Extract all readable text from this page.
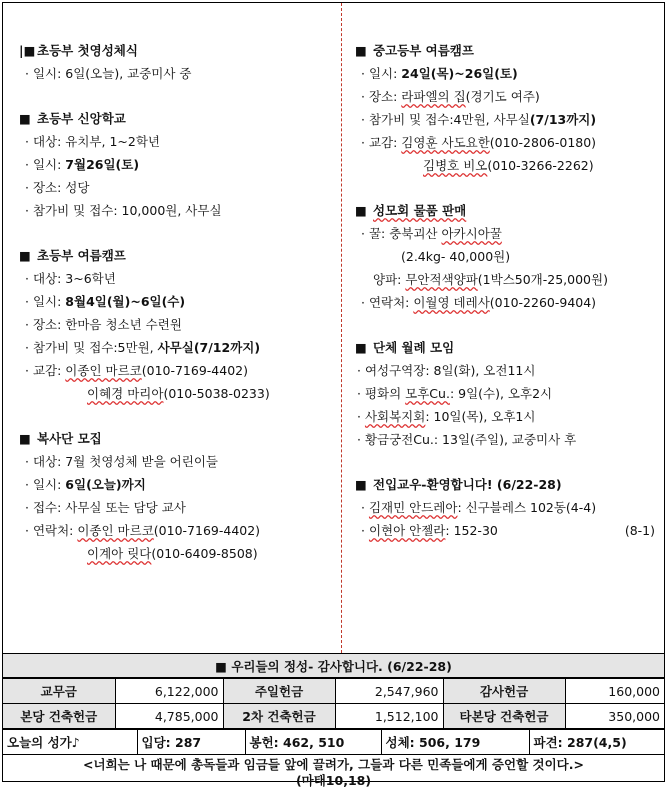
|■ 초등부 첫영성체식
· 일시: 6일(오늘), 교중미사 중
■ 초등부 신앙학교
· 대상: 유치부, 1~2학년
· 일시: 7월26일(토)
· 장소: 성당
· 참가비 및 접수: 10,000원, 사무실
■ 초등부 여름캠프
· 대상: 3~6학년
· 일시: 8월4일(월)~6일(수)
· 장소: 한마음 청소년 수련원
· 참가비 및 접수:5만원, 사무실(7/12까지)
· 교감: 이종인 마르코(010-7169-4402)
이혜경 마리아(010-5038-0233)
■ 복사단 모집
· 대상: 7월 첫영성체 받을 어린이들
· 일시: 6일(오늘)까지
· 접수: 사무실 또는 담당 교사
· 연락처: 이종인 마르코(010-7169-4402)
이계아 릿다(010-6409-8508)
■ 중고등부 여름캠프
· 일시: 24일(목)~26일(토)
· 장소: 라파엘의 집(경기도 여주)
· 참가비 및 접수:4만원, 사무실(7/13까지)
· 교감: 김영훈 사도요한(010-2806-0180)
김병호 비오(010-3266-2262)
■ 성모회 물품 판매
· 꿀: 충북괴산 아카시아꿀
(2.4kg- 40,000원)
양파: 무안적색양파(1박스50개-25,000원)
· 연락처: 이월영 데레사(010-2260-9404)
■ 단체 월례 모임
· 여성구역장: 8일(화), 오전11시
· 평화의 모후Cu.: 9일(수), 오후2시
· 사회복지회: 10일(목), 오후1시
· 황금궁전Cu.: 13일(주일), 교중미사 후
■ 전입교우-환영합니다! (6/22-28)
· 김재민 안드레아: 신구블레스 102동(4-4)
· 이현아 안젤라: 152-30	(8-1)
■ 우리들의 정성- 감사합니다. (6/22-28)
교무금	6,122,000	주일헌금	2,547,960	감사헌금	160,000
본당 건축헌금	4,785,000	2차 건축헌금	1,512,100	타본당 건축헌금	350,000
오늘의 성가♪	입당: 287	봉헌: 462, 510	성체: 506, 179	파견: 287(4,5)
<너희는 나 때문에 총독들과 임금들 앞에 끌려가, 그들과 다른 민족들에게 증언할 것이다.>
(마태10,18)
